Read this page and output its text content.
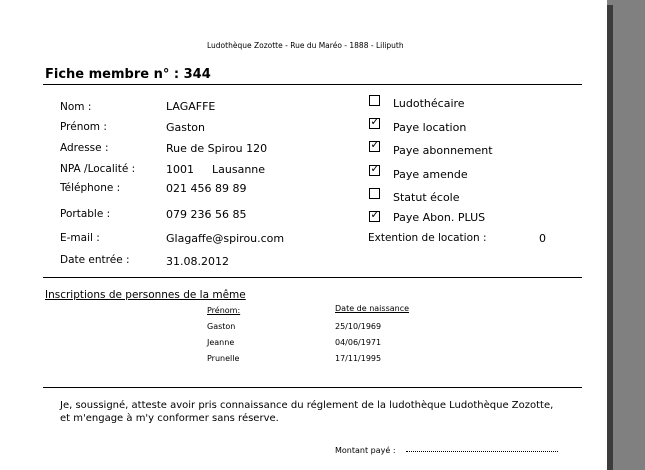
Ludothèque Zozotte - Rue du Maréo - 1888 - Liliputh
Fiche membre n° : 344
Nom :	LAGAFFE
Prénom :	Gaston
Adresse :	Rue de Spirou 120
NPA /Localité :	1001 Lausanne
Téléphone :	021 456 89 89
Portable :	079 236 56 85
E-mail :	Glagaffe@spirou.com
Date entrée :	31.08.2012
Ludothécaire
✓ Paye location
✓ Paye abonnement
✓ Paye amende
Statut école
✓ Paye Abon. PLUS
Extention de location :	0
Inscriptions de personnes de la même
Prénom:	Date de naissance
Gaston	25/10/1969
Jeanne	04/06/1971
Prunelle	17/11/1995
Je, soussigné, atteste avoir pris connaissance du réglement de la ludothèque Ludothèque Zozotte,
et m'engage à m'y conformer sans réserve.
Montant payé :
